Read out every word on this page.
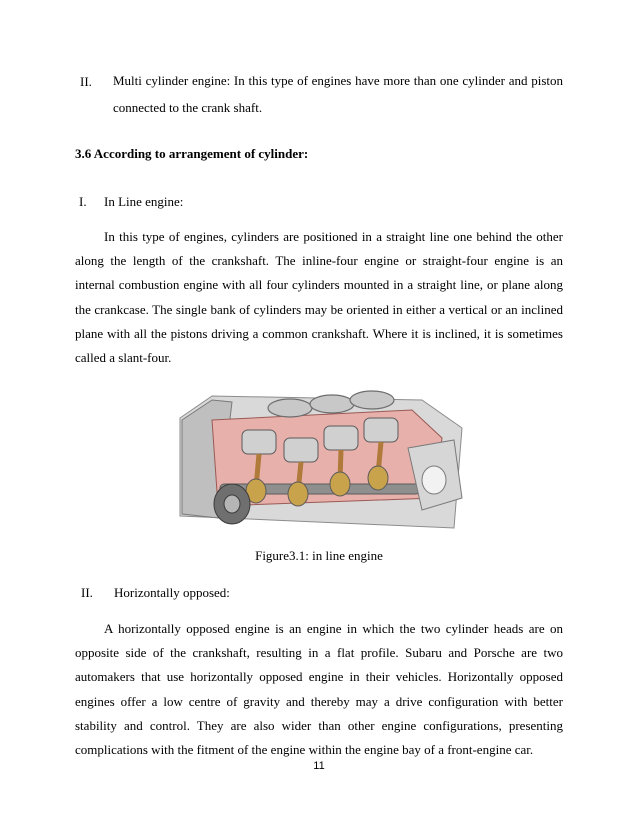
II. Multi cylinder engine: In this type of engines have more than one cylinder and piston connected to the crank shaft.
3.6 According to arrangement of cylinder:
I. In Line engine:
In this type of engines, cylinders are positioned in a straight line one behind the other along the length of the crankshaft. The inline-four engine or straight-four engine is an internal combustion engine with all four cylinders mounted in a straight line, or plane along the crankcase. The single bank of cylinders may be oriented in either a vertical or an inclined plane with all the pistons driving a common crankshaft. Where it is inclined, it is sometimes called a slant-four.
Figure3.1: in line engine
II. Horizontally opposed:
A horizontally opposed engine is an engine in which the two cylinder heads are on opposite side of the crankshaft, resulting in a flat profile. Subaru and Porsche are two automakers that use horizontally opposed engine in their vehicles. Horizontally opposed engines offer a low centre of gravity and thereby may a drive configuration with better stability and control. They are also wider than other engine configurations, presenting complications with the fitment of the engine within the engine bay of a front-engine car.
11
